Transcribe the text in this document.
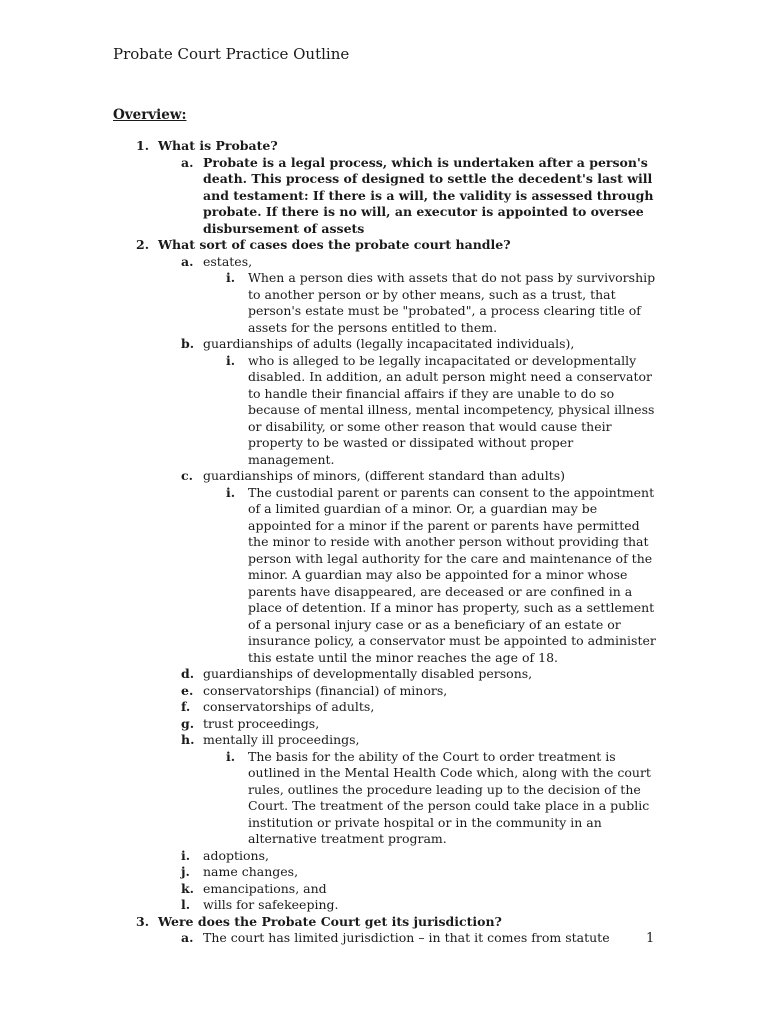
Probate Court Practice Outline
Overview:
1. What is Probate?
a. Probate is a legal process, which is undertaken after a person's death. This process of designed to settle the decedent's last will and testament: If there is a will, the validity is assessed through probate. If there is no will, an executor is appointed to oversee disbursement of assets
2. What sort of cases does the probate court handle?
a. estates,
i. When a person dies with assets that do not pass by survivorship to another person or by other means, such as a trust, that person's estate must be "probated", a process clearing title of assets for the persons entitled to them.
b. guardianships of adults (legally incapacitated individuals),
i. who is alleged to be legally incapacitated or developmentally disabled. In addition, an adult person might need a conservator to handle their financial affairs if they are unable to do so because of mental illness, mental incompetency, physical illness or disability, or some other reason that would cause their property to be wasted or dissipated without proper management.
c. guardianships of minors, (different standard than adults)
i. The custodial parent or parents can consent to the appointment of a limited guardian of a minor. Or, a guardian may be appointed for a minor if the parent or parents have permitted the minor to reside with another person without providing that person with legal authority for the care and maintenance of the minor. A guardian may also be appointed for a minor whose parents have disappeared, are deceased or are confined in a place of detention. If a minor has property, such as a settlement of a personal injury case or as a beneficiary of an estate or insurance policy, a conservator must be appointed to administer this estate until the minor reaches the age of 18.
d. guardianships of developmentally disabled persons,
e. conservatorships (financial) of minors,
f. conservatorships of adults,
g. trust proceedings,
h. mentally ill proceedings,
i. The basis for the ability of the Court to order treatment is outlined in the Mental Health Code which, along with the court rules, outlines the procedure leading up to the decision of the Court. The treatment of the person could take place in a public institution or private hospital or in the community in an alternative treatment program.
i. adoptions,
j. name changes,
k. emancipations, and
l. wills for safekeeping.
3. Were does the Probate Court get its jurisdiction?
a. The court has limited jurisdiction – in that it comes from statute	1
